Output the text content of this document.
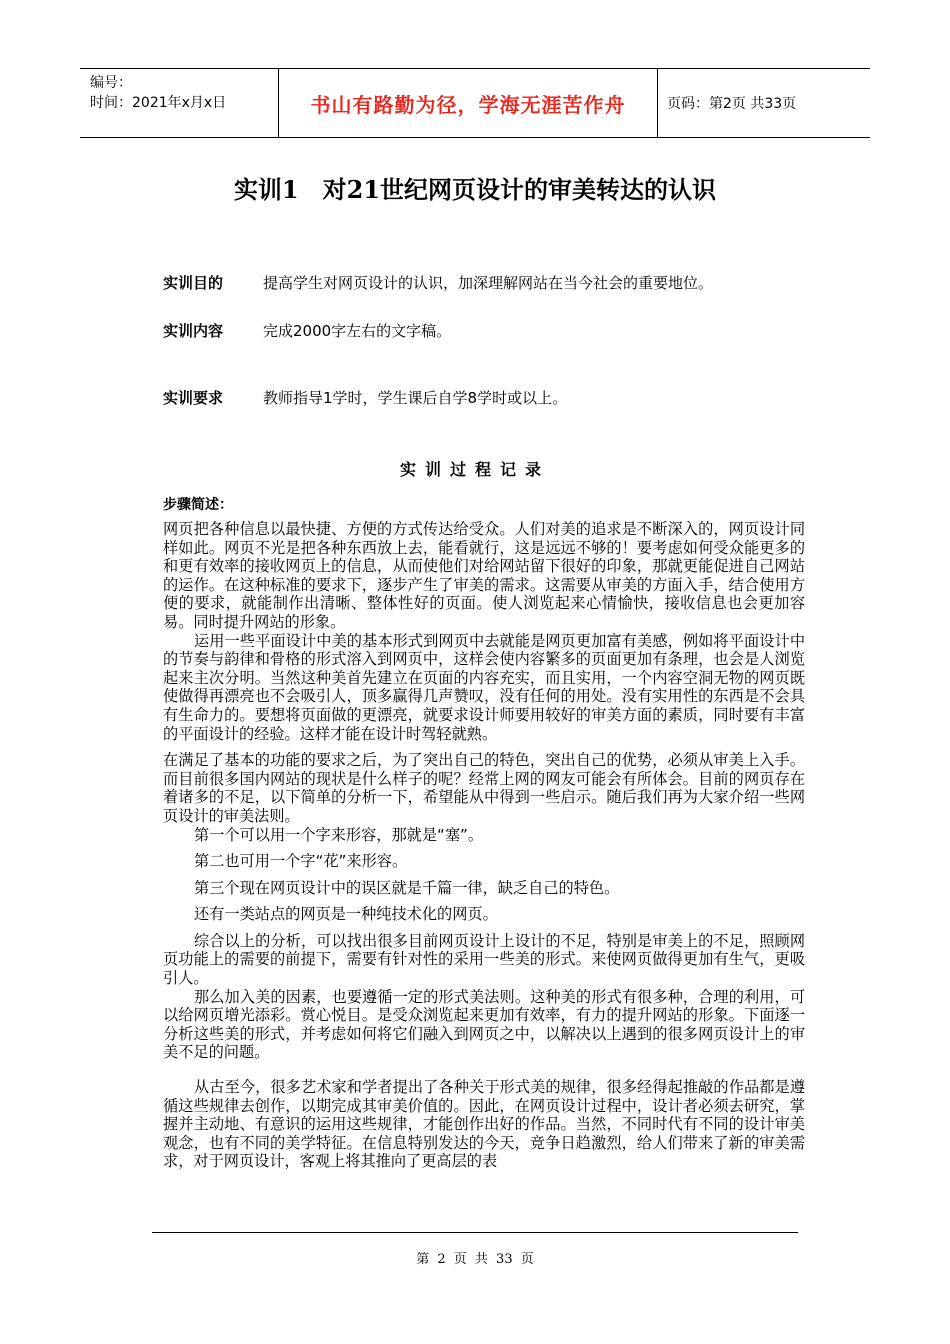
编号：
时间：2021年x月x日	书山有路勤为径，学海无涯苦作舟	页码：第2页 共33页
实训1 对21世纪网页设计的审美转达的认识
实训目的	提高学生对网页设计的认识，加深理解网站在当今社会的重要地位。
实训内容	完成2000字左右的文字稿。
实训要求	教师指导1学时，学生课后自学8学时或以上。
实训过程记录
步骤简述：

网页把各种信息以最快捷、方便的方式传达给受众。人们对美的追求是不断深入的，网页设计同样如此。网页不光是把各种东西放上去，能看就行，这是远远不够的！要考虑如何受众能更多的和更有效率的接收网页上的信息，从而使他们对给网站留下很好的印象，那就更能促进自己网站的运作。在这种标准的要求下，逐步产生了审美的需求。这需要从审美的方面入手，结合使用方便的要求，就能制作出清晰、整体性好的页面。使人浏览起来心情愉快，接收信息也会更加容易。同时提升网站的形象。

运用一些平面设计中美的基本形式到网页中去就能是网页更加富有美感，例如将平面设计中的节奏与韵律和骨格的形式溶入到网页中，这样会使内容繁多的页面更加有条理，也会是人浏览起来主次分明。当然这种美首先建立在页面的内容充实，而且实用，一个内容空洞无物的网页既使做得再漂亮也不会吸引人，顶多赢得几声赞叹，没有任何的用处。没有实用性的东西是不会具有生命力的。要想将页面做的更漂亮，就要求设计师要用较好的审美方面的素质，同时要有丰富的平面设计的经验。这样才能在设计时驾轻就熟。

在满足了基本的功能的要求之后，为了突出自己的特色，突出自己的优势，必须从审美上入手。而目前很多国内网站的现状是什么样子的呢？经常上网的网友可能会有所体会。目前的网页存在着诸多的不足，以下简单的分析一下，希望能从中得到一些启示。随后我们再为大家介绍一些网页设计的审美法则。

第一个可以用一个字来形容，那就是“塞”。

第二也可用一个字“花”来形容。

第三个现在网页设计中的误区就是千篇一律，缺乏自己的特色。

还有一类站点的网页是一种纯技术化的网页。

综合以上的分析，可以找出很多目前网页设计上设计的不足，特别是审美上的不足，照顾网页功能上的需要的前提下，需要有针对性的采用一些美的形式。来使网页做得更加有生气，更吸引人。

那么加入美的因素，也要遵循一定的形式美法则。这种美的形式有很多种，合理的利用，可以给网页增光添彩。赏心悦目。是受众浏览起来更加有效率，有力的提升网站的形象。下面逐一分析这些美的形式，并考虑如何将它们融入到网页之中，以解决以上遇到的很多网页设计上的审美不足的问题。

从古至今，很多艺术家和学者提出了各种关于形式美的规律，很多经得起推敲的作品都是遵循这些规律去创作，以期完成其审美价值的。因此，在网页设计过程中，设计者必须去研究，掌握并主动地、有意识的运用这些规律，才能创作出好的作品。当然，不同时代有不同的设计审美观念，也有不同的美学特征。在信息特别发达的今天，竞争日趋激烈，给人们带来了新的审美需求，对于网页设计，客观上将其推向了更高层的表

第 2 页 共 33 页
